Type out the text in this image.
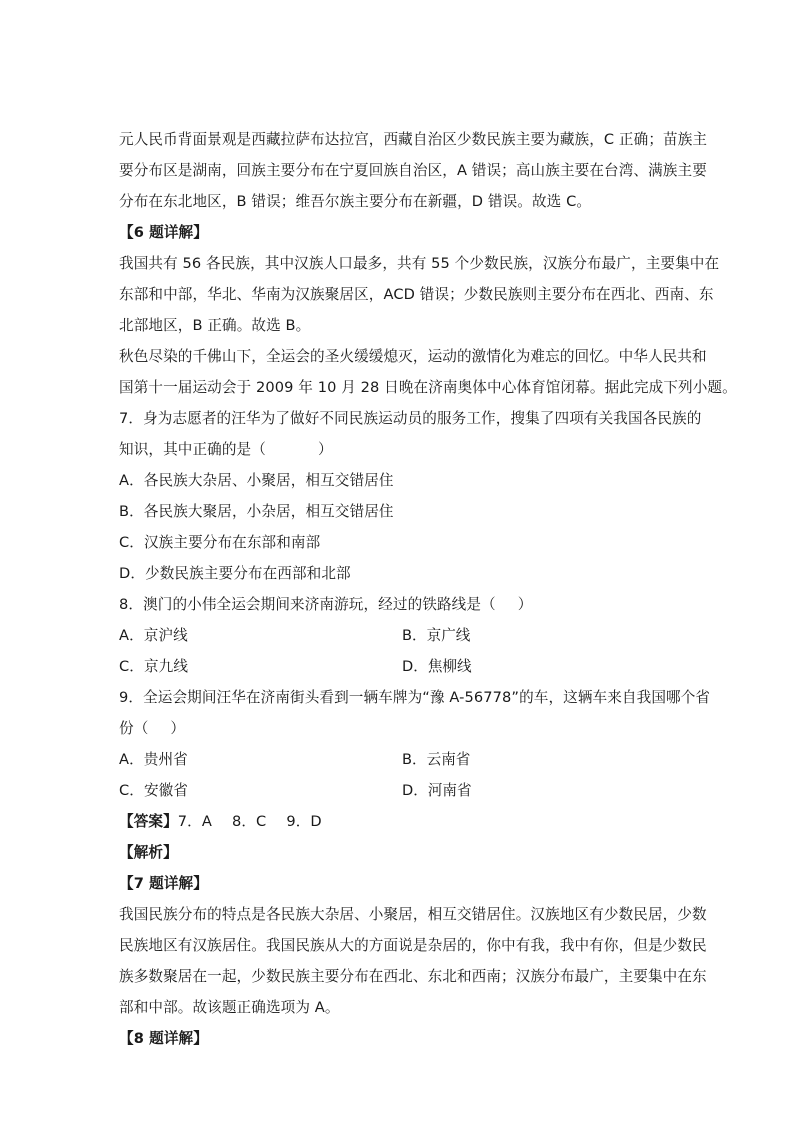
元人民币背面景观是西藏拉萨布达拉宫，西藏自治区少数民族主要为藏族，C 正确；苗族主
要分布区是湖南，回族主要分布在宁夏回族自治区，A 错误；高山族主要在台湾、满族主要
分布在东北地区，B 错误；维吾尔族主要分布在新疆，D 错误。故选 C。
【6 题详解】
我国共有 56 各民族，其中汉族人口最多，共有 55 个少数民族，汉族分布最广，主要集中在
东部和中部，华北、华南为汉族聚居区，ACD 错误；少数民族则主要分布在西北、西南、东
北部地区，B 正确。故选 B。
秋色尽染的千佛山下，全运会的圣火缓缓熄灭，运动的激情化为难忘的回忆。中华人民共和
国第十一届运动会于 2009 年 10 月 28 日晚在济南奥体中心体育馆闭幕。据此完成下列小题。
7．身为志愿者的汪华为了做好不同民族运动员的服务工作，搜集了四项有关我国各民族的
知识，其中正确的是（	）
A．各民族大杂居、小聚居，相互交错居住
B．各民族大聚居，小杂居，相互交错居住
C．汉族主要分布在东部和南部
D．少数民族主要分布在西部和北部
8．澳门的小伟全运会期间来济南游玩，经过的铁路线是（ ）
A．京沪线	B．京广线
C．京九线	D．焦柳线
9．全运会期间汪华在济南街头看到一辆车牌为“豫 A-56778”的车，这辆车来自我国哪个省
份（ ）
A．贵州省	B．云南省
C．安徽省	D．河南省
【答案】7．A 8．C 9．D
【解析】
【7 题详解】
我国民族分布的特点是各民族大杂居、小聚居，相互交错居住。汉族地区有少数民居，少数
民族地区有汉族居住。我国民族从大的方面说是杂居的，你中有我，我中有你，但是少数民
族多数聚居在一起，少数民族主要分布在西北、东北和西南；汉族分布最广，主要集中在东
部和中部。故该题正确选项为 A。
【8 题详解】
